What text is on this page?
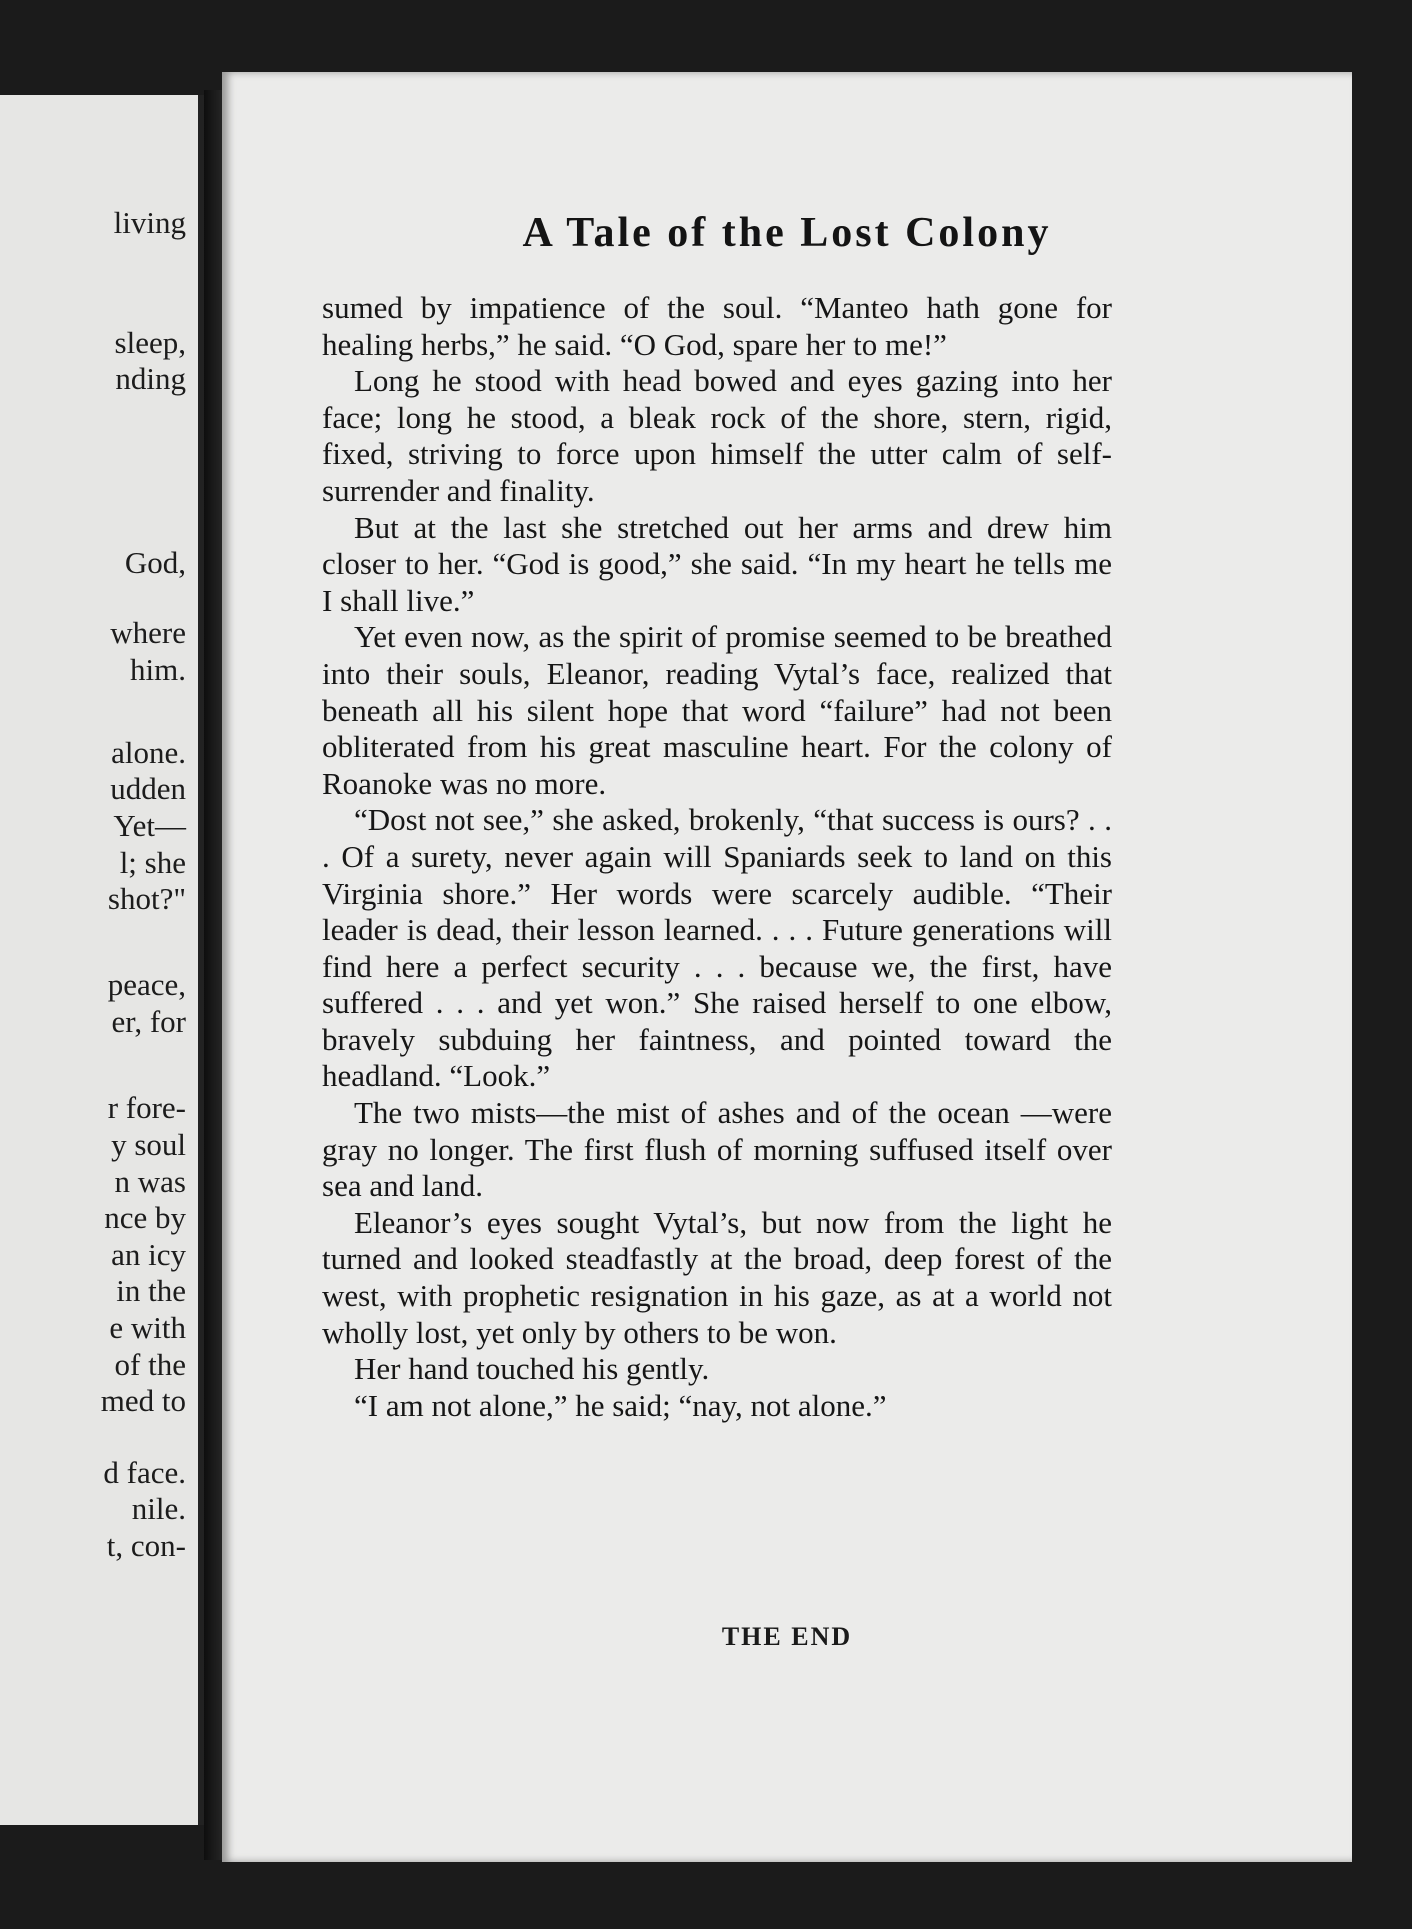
living
sleep,
nding
God,
where
him.
alone.
udden
Yet—
l; she
shot?"
peace,
er, for
r fore-
y soul
n was
nce by
an icy
in the
e with
of the
med to
d face.
nile.
t, con-
A Tale of the Lost Colony

sumed by impatience of the soul. “Manteo hath gone for healing herbs,” he said. “O God, spare her to me!”

Long he stood with head bowed and eyes gazing into her face; long he stood, a bleak rock of the shore, stern, rigid, fixed, striving to force upon himself the utter calm of self-surrender and finality.

But at the last she stretched out her arms and drew him closer to her. “God is good,” she said. “In my heart he tells me I shall live.”

Yet even now, as the spirit of promise seemed to be breathed into their souls, Eleanor, reading Vytal’s face, realized that beneath all his silent hope that word “failure” had not been obliterated from his great masculine heart. For the colony of Roanoke was no more.

“Dost not see,” she asked, brokenly, “that success is ours? . . . Of a surety, never again will Spaniards seek to land on this Virginia shore.” Her words were scarcely audible. “Their leader is dead, their lesson learned. . . . Future generations will find here a perfect security . . . because we, the first, have suffered . . . and yet won.” She raised herself to one elbow, bravely subduing her faintness, and pointed toward the headland. “Look.”

The two mists—the mist of ashes and of the ocean —were gray no longer. The first flush of morning suffused itself over sea and land.

Eleanor’s eyes sought Vytal’s, but now from the light he turned and looked steadfastly at the broad, deep forest of the west, with prophetic resignation in his gaze, as at a world not wholly lost, yet only by others to be won.

Her hand touched his gently.

“I am not alone,” he said; “nay, not alone.”

THE END
